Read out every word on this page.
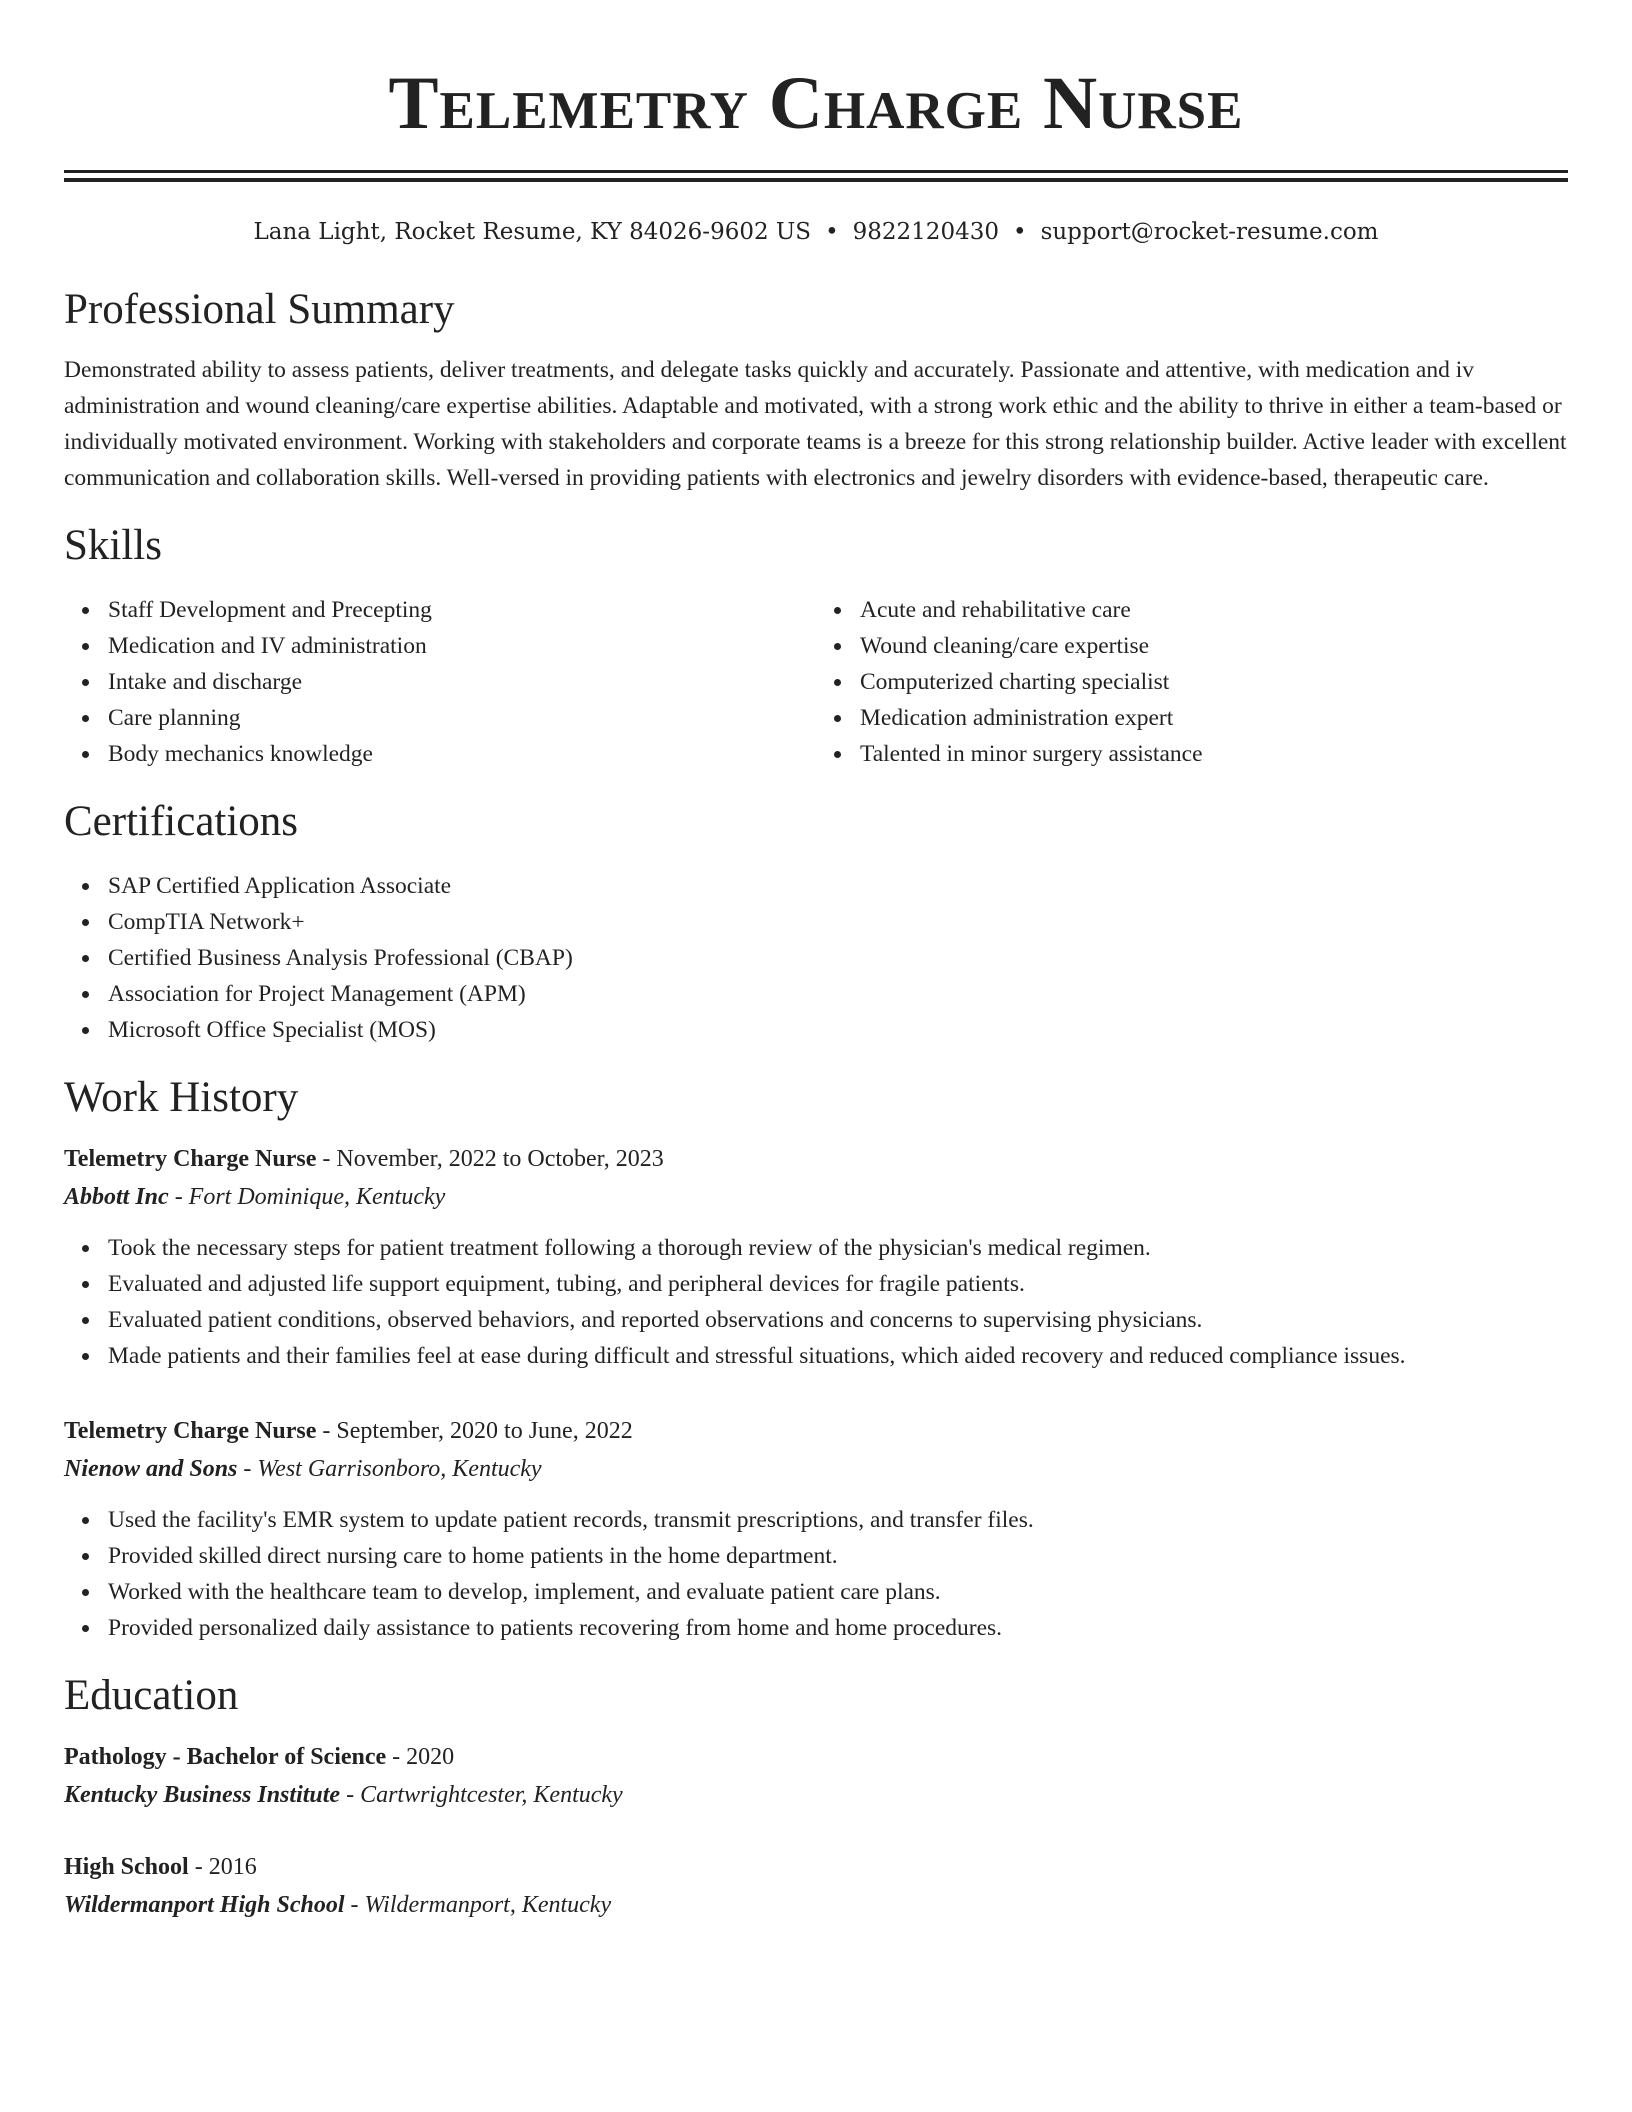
Telemetry Charge Nurse
Lana Light, Rocket Resume, KY 84026-9602 US • 9822120430 • support@rocket-resume.com
Professional Summary

Demonstrated ability to assess patients, deliver treatments, and delegate tasks quickly and accurately. Passionate and attentive, with medication and iv administration and wound cleaning/care expertise abilities. Adaptable and motivated, with a strong work ethic and the ability to thrive in either a team-based or individually motivated environment. Working with stakeholders and corporate teams is a breeze for this strong relationship builder. Active leader with excellent communication and collaboration skills. Well-versed in providing patients with electronics and jewelry disorders with evidence-based, therapeutic care.

Skills
Staff Development and Precepting
Medication and IV administration
Intake and discharge
Care planning
Body mechanics knowledge
Acute and rehabilitative care
Wound cleaning/care expertise
Computerized charting specialist
Medication administration expert
Talented in minor surgery assistance
Certifications
SAP Certified Application Associate
CompTIA Network+
Certified Business Analysis Professional (CBAP)
Association for Project Management (APM)
Microsoft Office Specialist (MOS)
Work History
Telemetry Charge Nurse - November, 2022 to October, 2023
Abbott Inc - Fort Dominique, Kentucky
Took the necessary steps for patient treatment following a thorough review of the physician's medical regimen.
Evaluated and adjusted life support equipment, tubing, and peripheral devices for fragile patients.
Evaluated patient conditions, observed behaviors, and reported observations and concerns to supervising physicians.
Made patients and their families feel at ease during difficult and stressful situations, which aided recovery and reduced compliance issues.
Telemetry Charge Nurse - September, 2020 to June, 2022
Nienow and Sons - West Garrisonboro, Kentucky
Used the facility's EMR system to update patient records, transmit prescriptions, and transfer files.
Provided skilled direct nursing care to home patients in the home department.
Worked with the healthcare team to develop, implement, and evaluate patient care plans.
Provided personalized daily assistance to patients recovering from home and home procedures.
Education
Pathology - Bachelor of Science - 2020
Kentucky Business Institute - Cartwrightcester, Kentucky
High School - 2016
Wildermanport High School - Wildermanport, Kentucky
